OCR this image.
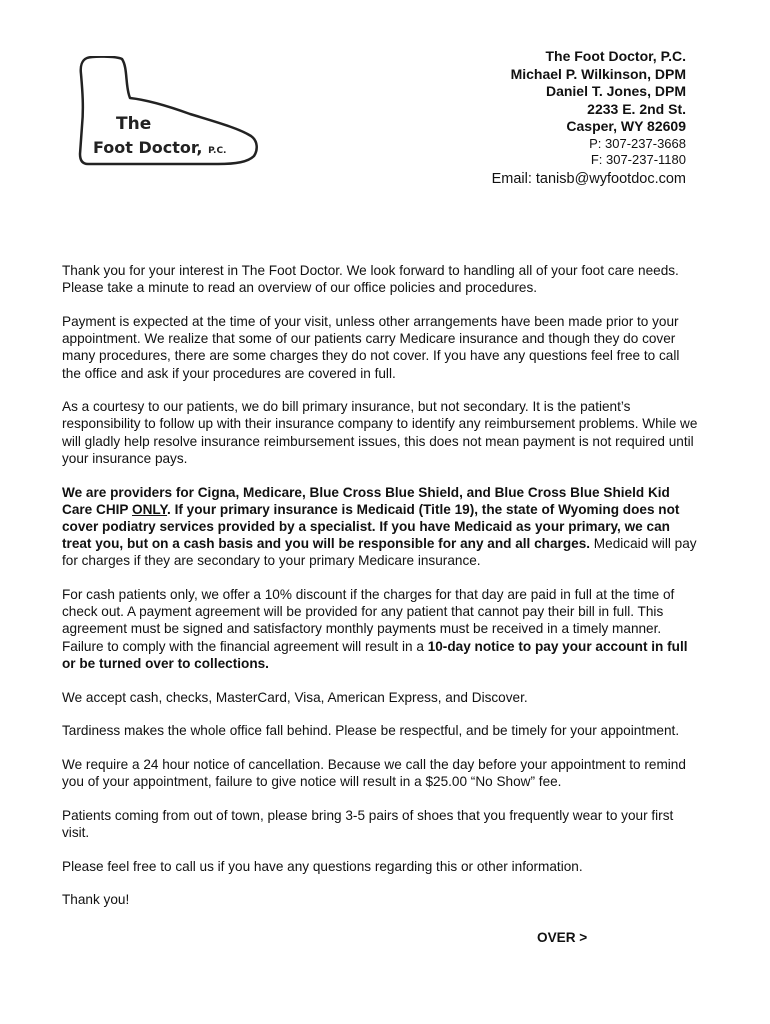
The
Foot Doctor, P.C.
The Foot Doctor, P.C.
Michael P. Wilkinson, DPM
Daniel T. Jones, DPM
2233 E. 2nd St.
Casper, WY 82609
P: 307-237-3668
F: 307-237-1180
Email: tanisb@wyfootdoc.com

Thank you for your interest in The Foot Doctor. We look forward to handling all of your foot care needs. Please take a minute to read an overview of our office policies and procedures.

Payment is expected at the time of your visit, unless other arrangements have been made prior to your appointment. We realize that some of our patients carry Medicare insurance and though they do cover many procedures, there are some charges they do not cover. If you have any questions feel free to call the office and ask if your procedures are covered in full.

As a courtesy to our patients, we do bill primary insurance, but not secondary. It is the patient’s responsibility to follow up with their insurance company to identify any reimbursement problems. While we will gladly help resolve insurance reimbursement issues, this does not mean payment is not required until your insurance pays.

We are providers for Cigna, Medicare, Blue Cross Blue Shield, and Blue Cross Blue Shield Kid Care CHIP ONLY. If your primary insurance is Medicaid (Title 19), the state of Wyoming does not cover podiatry services provided by a specialist. If you have Medicaid as your primary, we can treat you, but on a cash basis and you will be responsible for any and all charges. Medicaid will pay for charges if they are secondary to your primary Medicare insurance.

For cash patients only, we offer a 10% discount if the charges for that day are paid in full at the time of check out. A payment agreement will be provided for any patient that cannot pay their bill in full. This agreement must be signed and satisfactory monthly payments must be received in a timely manner. Failure to comply with the financial agreement will result in a 10-day notice to pay your account in full or be turned over to collections.

We accept cash, checks, MasterCard, Visa, American Express, and Discover.

Tardiness makes the whole office fall behind. Please be respectful, and be timely for your appointment.

We require a 24 hour notice of cancellation. Because we call the day before your appointment to remind you of your appointment, failure to give notice will result in a $25.00 “No Show” fee.

Patients coming from out of town, please bring 3-5 pairs of shoes that you frequently wear to your first visit.

Please feel free to call us if you have any questions regarding this or other information.

Thank you!

OVER >
